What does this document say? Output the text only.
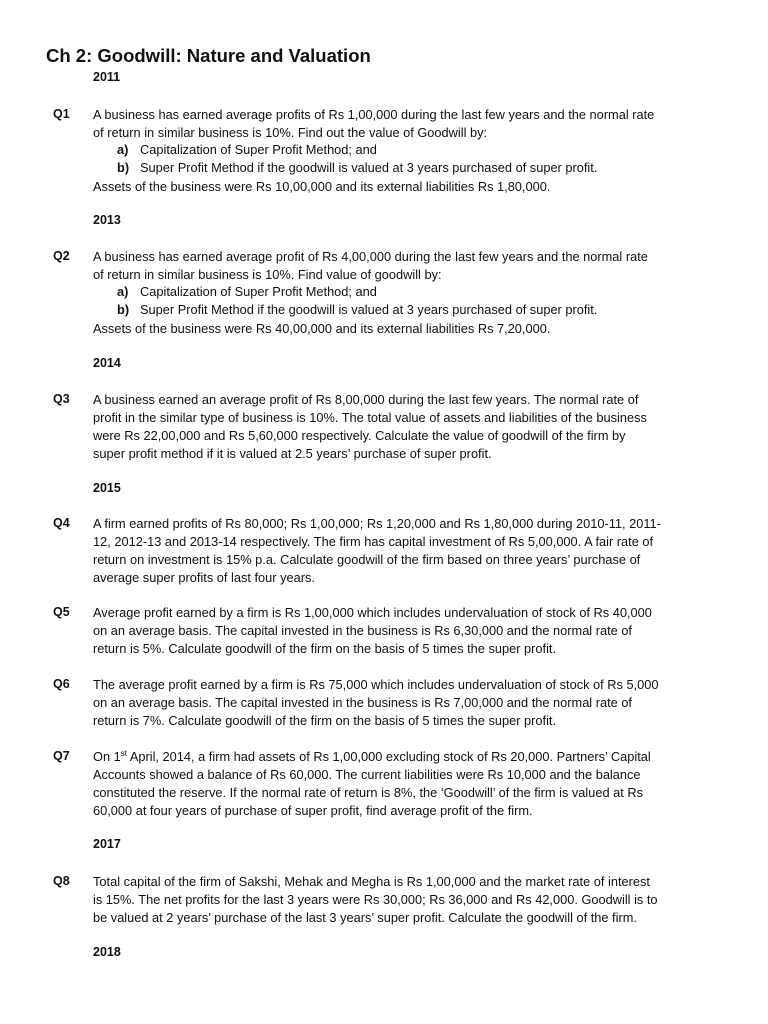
Ch 2: Goodwill: Nature and Valuation
2011
Q1 A business has earned average profits of Rs 1,00,000 during the last few years and the normal rate
of return in similar business is 10%. Find out the value of Goodwill by:
a) Capitalization of Super Profit Method; and
b) Super Profit Method if the goodwill is valued at 3 years purchased of super profit.
Assets of the business were Rs 10,00,000 and its external liabilities Rs 1,80,000.
2013
Q2 A business has earned average profit of Rs 4,00,000 during the last few years and the normal rate
of return in similar business is 10%. Find value of goodwill by:
a) Capitalization of Super Profit Method; and
b) Super Profit Method if the goodwill is valued at 3 years purchased of super profit.
Assets of the business were Rs 40,00,000 and its external liabilities Rs 7,20,000.
2014
Q3 A business earned an average profit of Rs 8,00,000 during the last few years. The normal rate of
profit in the similar type of business is 10%. The total value of assets and liabilities of the business
were Rs 22,00,000 and Rs 5,60,000 respectively. Calculate the value of goodwill of the firm by
super profit method if it is valued at 2.5 years’ purchase of super profit.
2015
Q4 A firm earned profits of Rs 80,000; Rs 1,00,000; Rs 1,20,000 and Rs 1,80,000 during 2010-11, 2011-
12, 2012-13 and 2013-14 respectively. The firm has capital investment of Rs 5,00,000. A fair rate of
return on investment is 15% p.a. Calculate goodwill of the firm based on three years’ purchase of
average super profits of last four years.
Q5 Average profit earned by a firm is Rs 1,00,000 which includes undervaluation of stock of Rs 40,000
on an average basis. The capital invested in the business is Rs 6,30,000 and the normal rate of
return is 5%. Calculate goodwill of the firm on the basis of 5 times the super profit.
Q6 The average profit earned by a firm is Rs 75,000 which includes undervaluation of stock of Rs 5,000
on an average basis. The capital invested in the business is Rs 7,00,000 and the normal rate of
return is 7%. Calculate goodwill of the firm on the basis of 5 times the super profit.
Q7 On 1st April, 2014, a firm had assets of Rs 1,00,000 excluding stock of Rs 20,000. Partners’ Capital
Accounts showed a balance of Rs 60,000. The current liabilities were Rs 10,000 and the balance
constituted the reserve. If the normal rate of return is 8%, the ‘Goodwill’ of the firm is valued at Rs
60,000 at four years of purchase of super profit, find average profit of the firm.
2017
Q8 Total capital of the firm of Sakshi, Mehak and Megha is Rs 1,00,000 and the market rate of interest
is 15%. The net profits for the last 3 years were Rs 30,000; Rs 36,000 and Rs 42,000. Goodwill is to
be valued at 2 years’ purchase of the last 3 years’ super profit. Calculate the goodwill of the firm.
2018
